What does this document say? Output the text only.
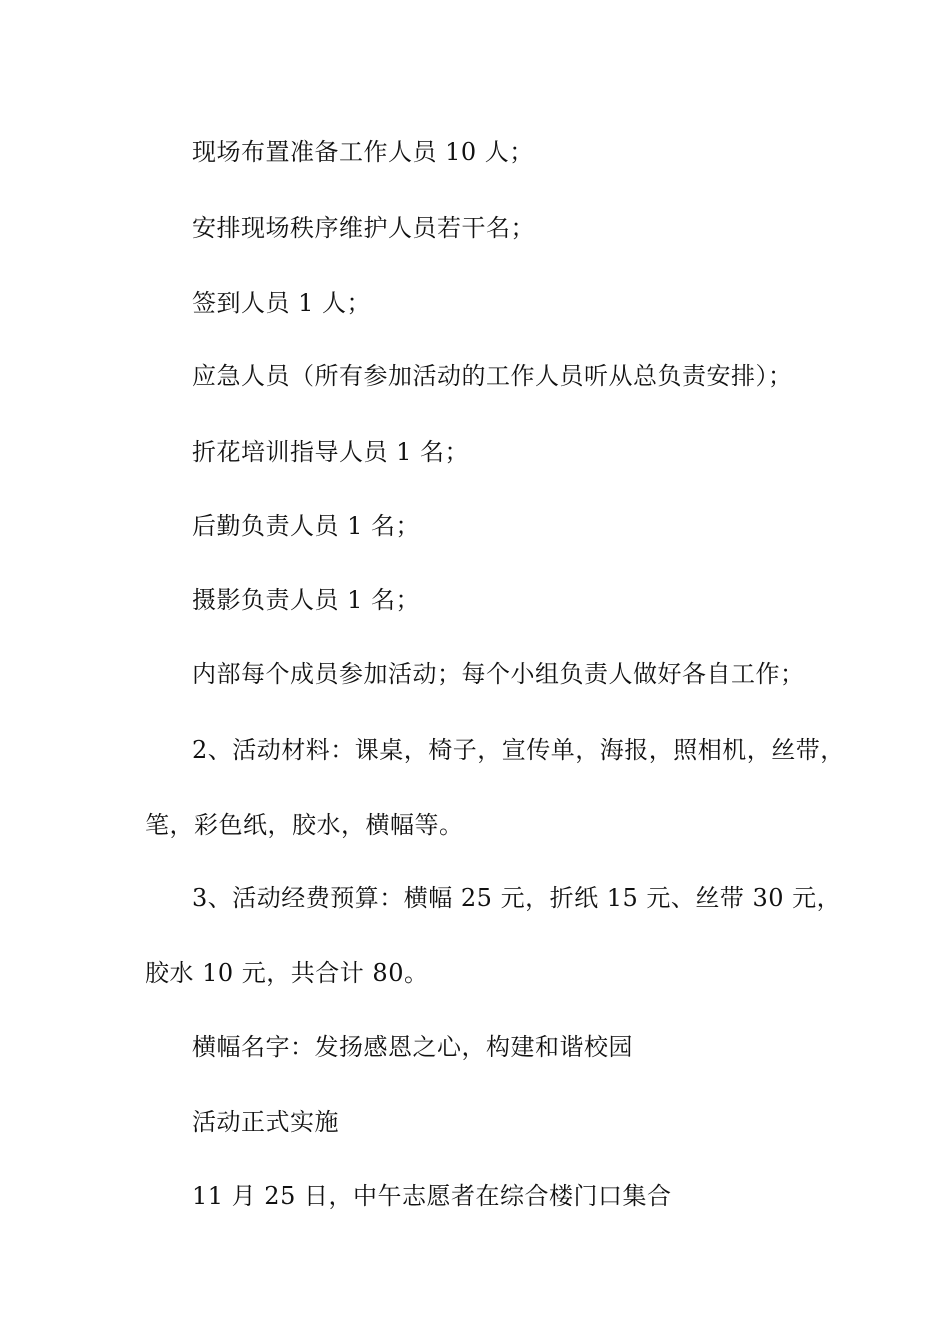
现场布置准备工作人员 10 人；
安排现场秩序维护人员若干名；
签到人员 1 人；
应急人员（所有参加活动的工作人员听从总负责安排）；
折花培训指导人员 1 名；
后勤负责人员 1 名；
摄影负责人员 1 名；
内部每个成员参加活动；每个小组负责人做好各自工作；
2、活动材料：课桌，椅子，宣传单，海报，照相机，丝带，
笔，彩色纸，胶水，横幅等。
3、活动经费预算：横幅 25 元，折纸 15 元、丝带 30 元，
胶水 10 元，共合计 80。
横幅名字：发扬感恩之心，构建和谐校园
活动正式实施
11 月 25 日，中午志愿者在综合楼门口集合
